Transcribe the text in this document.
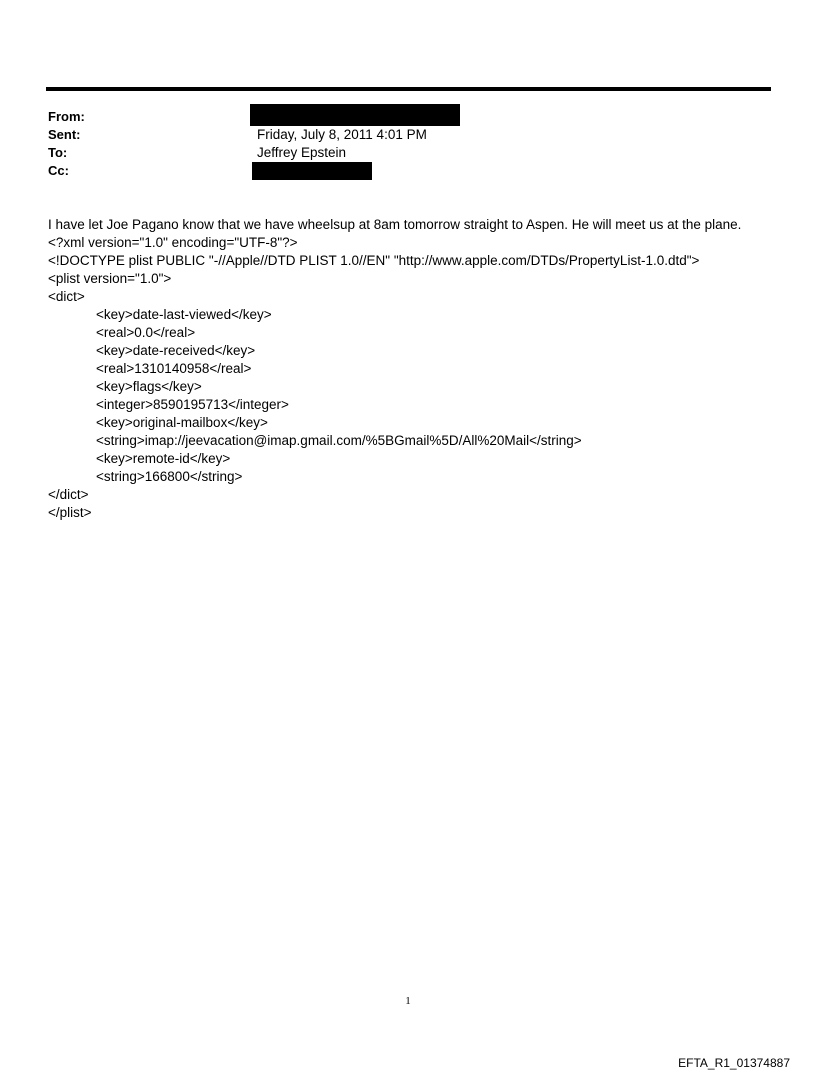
From:
Sent:	Friday, July 8, 2011 4:01 PM
To:	Jeffrey Epstein
Cc:
I have let Joe Pagano know that we have wheelsup at 8am tomorrow straight to Aspen. He will meet us at the plane.
<?xml version="1.0" encoding="UTF-8"?>
<!DOCTYPE plist PUBLIC "-//Apple//DTD PLIST 1.0//EN" "http://www.apple.com/DTDs/PropertyList-1.0.dtd">
<plist version="1.0">
<dict>
<key>date-last-viewed</key>
<real>0.0</real>
<key>date-received</key>
<real>1310140958</real>
<key>flags</key>
<integer>8590195713</integer>
<key>original-mailbox</key>
<string>imap://jeevacation@imap.gmail.com/%5BGmail%5D/All%20Mail</string>
<key>remote-id</key>
<string>166800</string>
</dict>
</plist>
1
EFTA_R1_01374887
